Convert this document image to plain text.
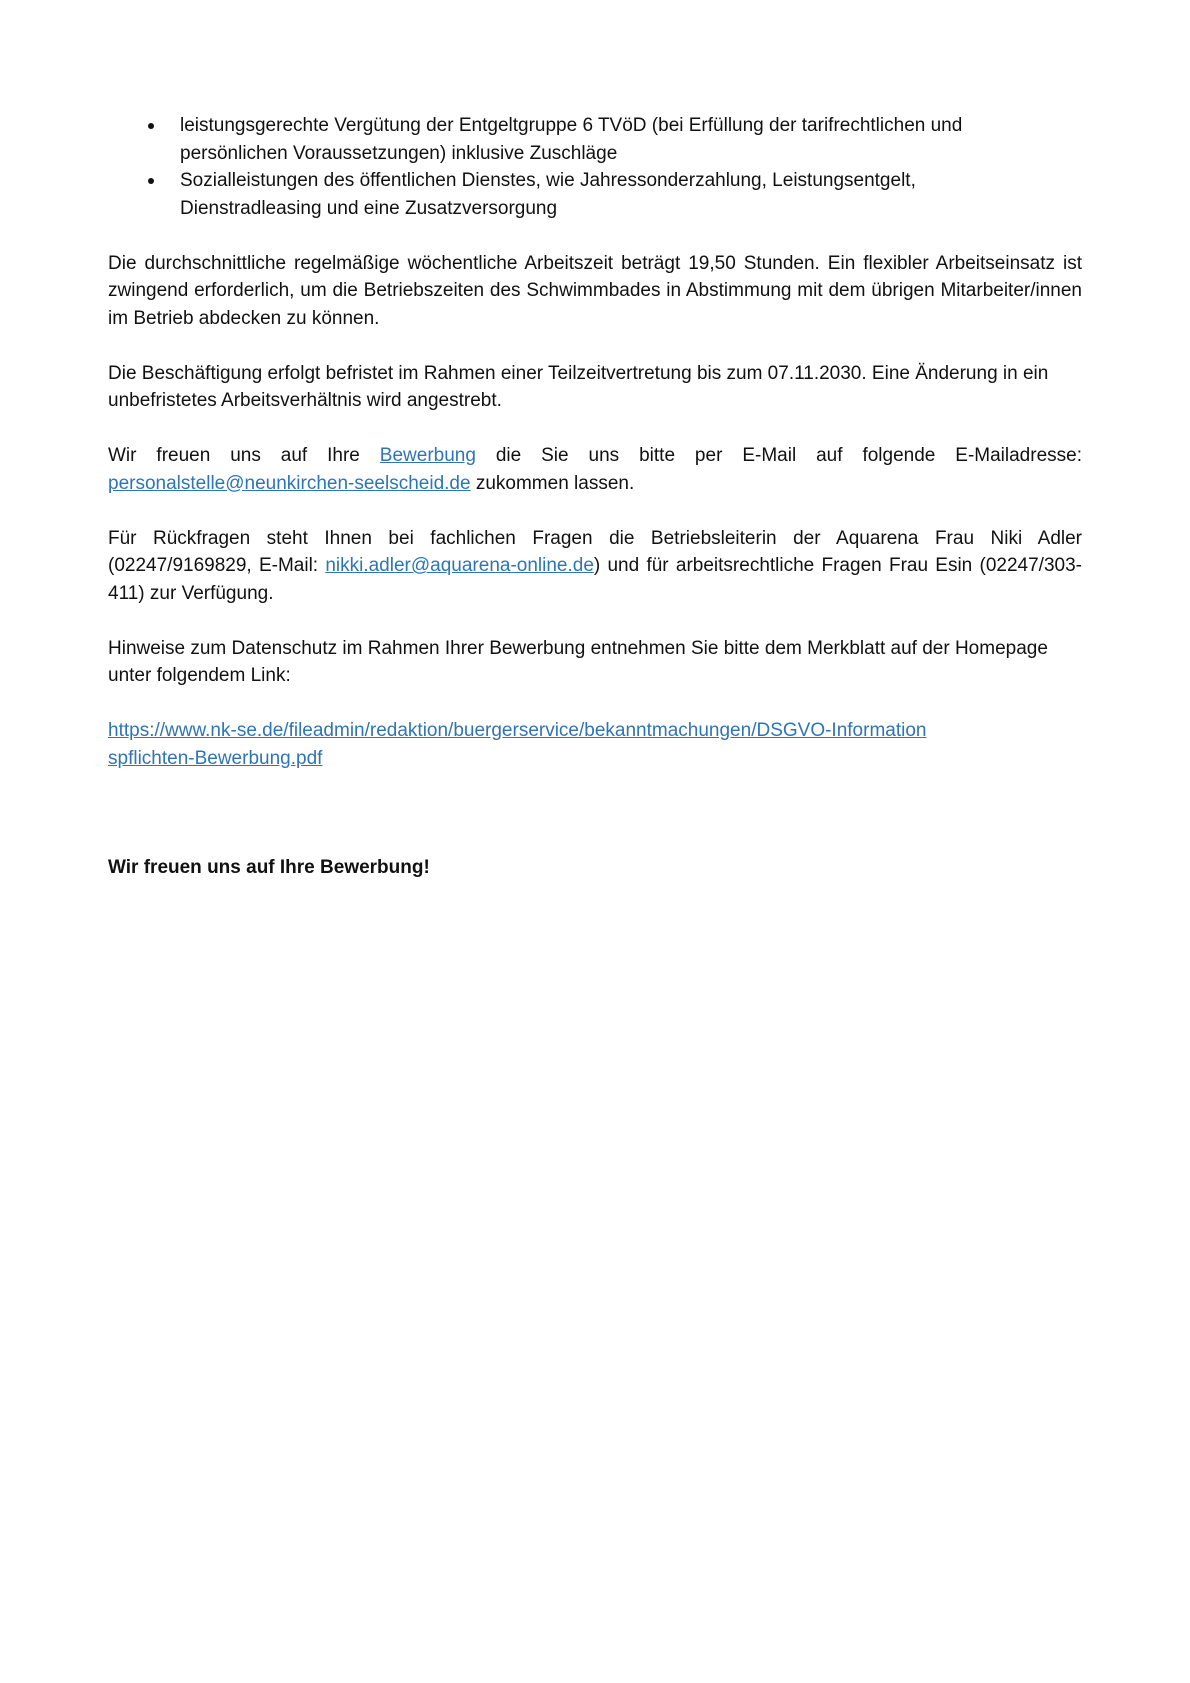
leistungsgerechte Vergütung der Entgeltgruppe 6 TVöD (bei Erfüllung der tarifrechtlichen und persönlichen Voraussetzungen) inklusive Zuschläge
Sozialleistungen des öffentlichen Dienstes, wie Jahressonderzahlung, Leistungsentgelt, Dienstradleasing und eine Zusatzversorgung

Die durchschnittliche regelmäßige wöchentliche Arbeitszeit beträgt 19,50 Stunden. Ein flexibler Arbeitseinsatz ist zwingend erforderlich, um die Betriebszeiten des Schwimmbades in Abstimmung mit dem übrigen Mitarbeiter/innen im Betrieb abdecken zu können.

Die Beschäftigung erfolgt befristet im Rahmen einer Teilzeitvertretung bis zum 07.11.2030. Eine Änderung in ein unbefristetes Arbeitsverhältnis wird angestrebt.

Wir freuen uns auf Ihre Bewerbung die Sie uns bitte per E-Mail auf folgende E-Mailadresse: personalstelle@neunkirchen-seelscheid.de zukommen lassen.

Für Rückfragen steht Ihnen bei fachlichen Fragen die Betriebsleiterin der Aquarena Frau Niki Adler (02247/9169829, E-Mail: nikki.adler@aquarena-online.de) und für arbeitsrechtliche Fragen Frau Esin (02247/303-411) zur Verfügung.

Hinweise zum Datenschutz im Rahmen Ihrer Bewerbung entnehmen Sie bitte dem Merkblatt auf der Homepage unter folgendem Link:

https://www.nk-se.de/fileadmin/redaktion/buergerservice/bekanntmachungen/DSGVO-Informationspflichten-Bewerbung.pdf

Wir freuen uns auf Ihre Bewerbung!
